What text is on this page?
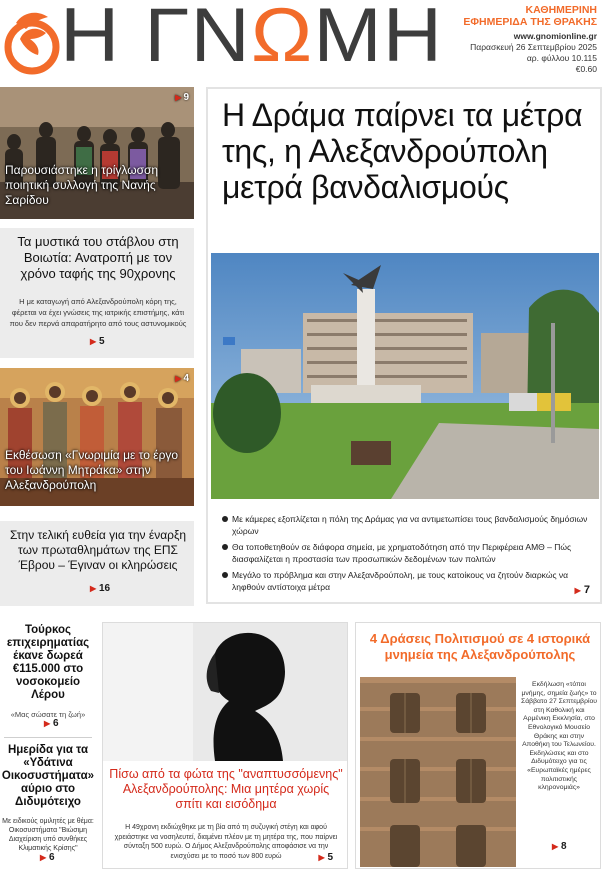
Η ΓΝΩΜΗ	ΚΑΘΗΜΕΡΙΝΗ
ΕΦΗΜΕΡΙΔΑ ΤΗΣ ΘΡΑΚΗΣ
www.gnomionline.gr
Παρασκευή 26 Σεπτεμβρίου 2025
αρ. φύλλου 10.115
€0.60
▶ 9
Παρουσιάστηκε η τρίγλωσση ποιητική συλλογή της Νανής Σαρίδου
Τα μυστικά του στάβλου στη Βοιωτία: Ανατροπή με τον χρόνο ταφής της 90χρονης
Η με καταγωγή από Αλεξανδρούπολη κόρη της, φέρεται να έχει γνώσεις της ιατρικής επιστήμης, κάτι που δεν περνά απαρατήρητο από τους αστυνομικούς
▶ 5
▶ 4
Εκθέσωση «Γνωριμία με το έργο του Ιωάννη Μητράκα» στην Αλεξανδρούπολη
Στην τελική ευθεία για την έναρξη των πρωταθλημάτων της ΕΠΣ Έβρου – Έγιναν οι κληρώσεις
▶ 16
Η Δράμα παίρνει τα μέτρα της, η Αλεξανδρούπολη μετρά βανδαλισμούς
Με κάμερες εξοπλίζεται η πόλη της Δράμας για να αντιμετωπίσει τους βανδαλισμούς δημόσιων χώρων
Θα τοποθετηθούν σε διάφορα σημεία, με χρηματοδότηση από την Περιφέρεια ΑΜΘ – Πώς διασφαλίζεται η προστασία των προσωπικών δεδομένων των πολιτών
Μεγάλο το πρόβλημα και στην Αλεξανδρούπολη, με τους κατοίκους να ζητούν διαρκώς να ληφθούν αντίστοιχα μέτρα	▶ 7
Τούρκος επιχειρηματίας έκανε δωρεά €115.000 στο νοσοκομείο Λέρου
«Μας σώσατε τη ζωή»
▶ 6
Ημερίδα για τα «Υδάτινα Οικοσυστήματα» αύριο στο Διδυμότειχο
Με ειδικούς ομιλητές με θέμα: Οικοσυστήματα "Βιώσιμη Διαχείριση υπό συνθήκες Κλιματικής Κρίσης"
▶ 6
Πίσω από τα φώτα της "αναπτυσσόμενης" Αλεξανδρούπολης: Μια μητέρα χωρίς σπίτι και εισόδημα
Η 49χρονη εκδιώχθηκε με τη βία από τη συζυγική στέγη και αφού χρειάστηκε να νοσηλευτεί, διαμένει πλέον με τη μητέρα της, που παίρνει σύνταξη 500 ευρώ. Ο Δήμος Αλεξανδρούπολης αποφάσισε να την ενισχύσει με το ποσό των 800 ευρώ	▶ 5
4 Δράσεις Πολιτισμού σε 4 ιστορικά μνημεία της Αλεξανδρούπολης
Εκδήλωση «τόποι μνήμης, σημεία ζωής» το Σάββατο 27 Σεπτεμβρίου στη Καθολική και Αρμένικη Εκκλησία, στο Εθνολογικό Μουσείο Θράκης και στην Αποθήκη του Τελωνείου. Εκδηλώσεις και στο Διδυμότειχο για τις «Ευρωπαϊκές ημέρες πολιτιστικής κληρονομιάς»
▶ 8
